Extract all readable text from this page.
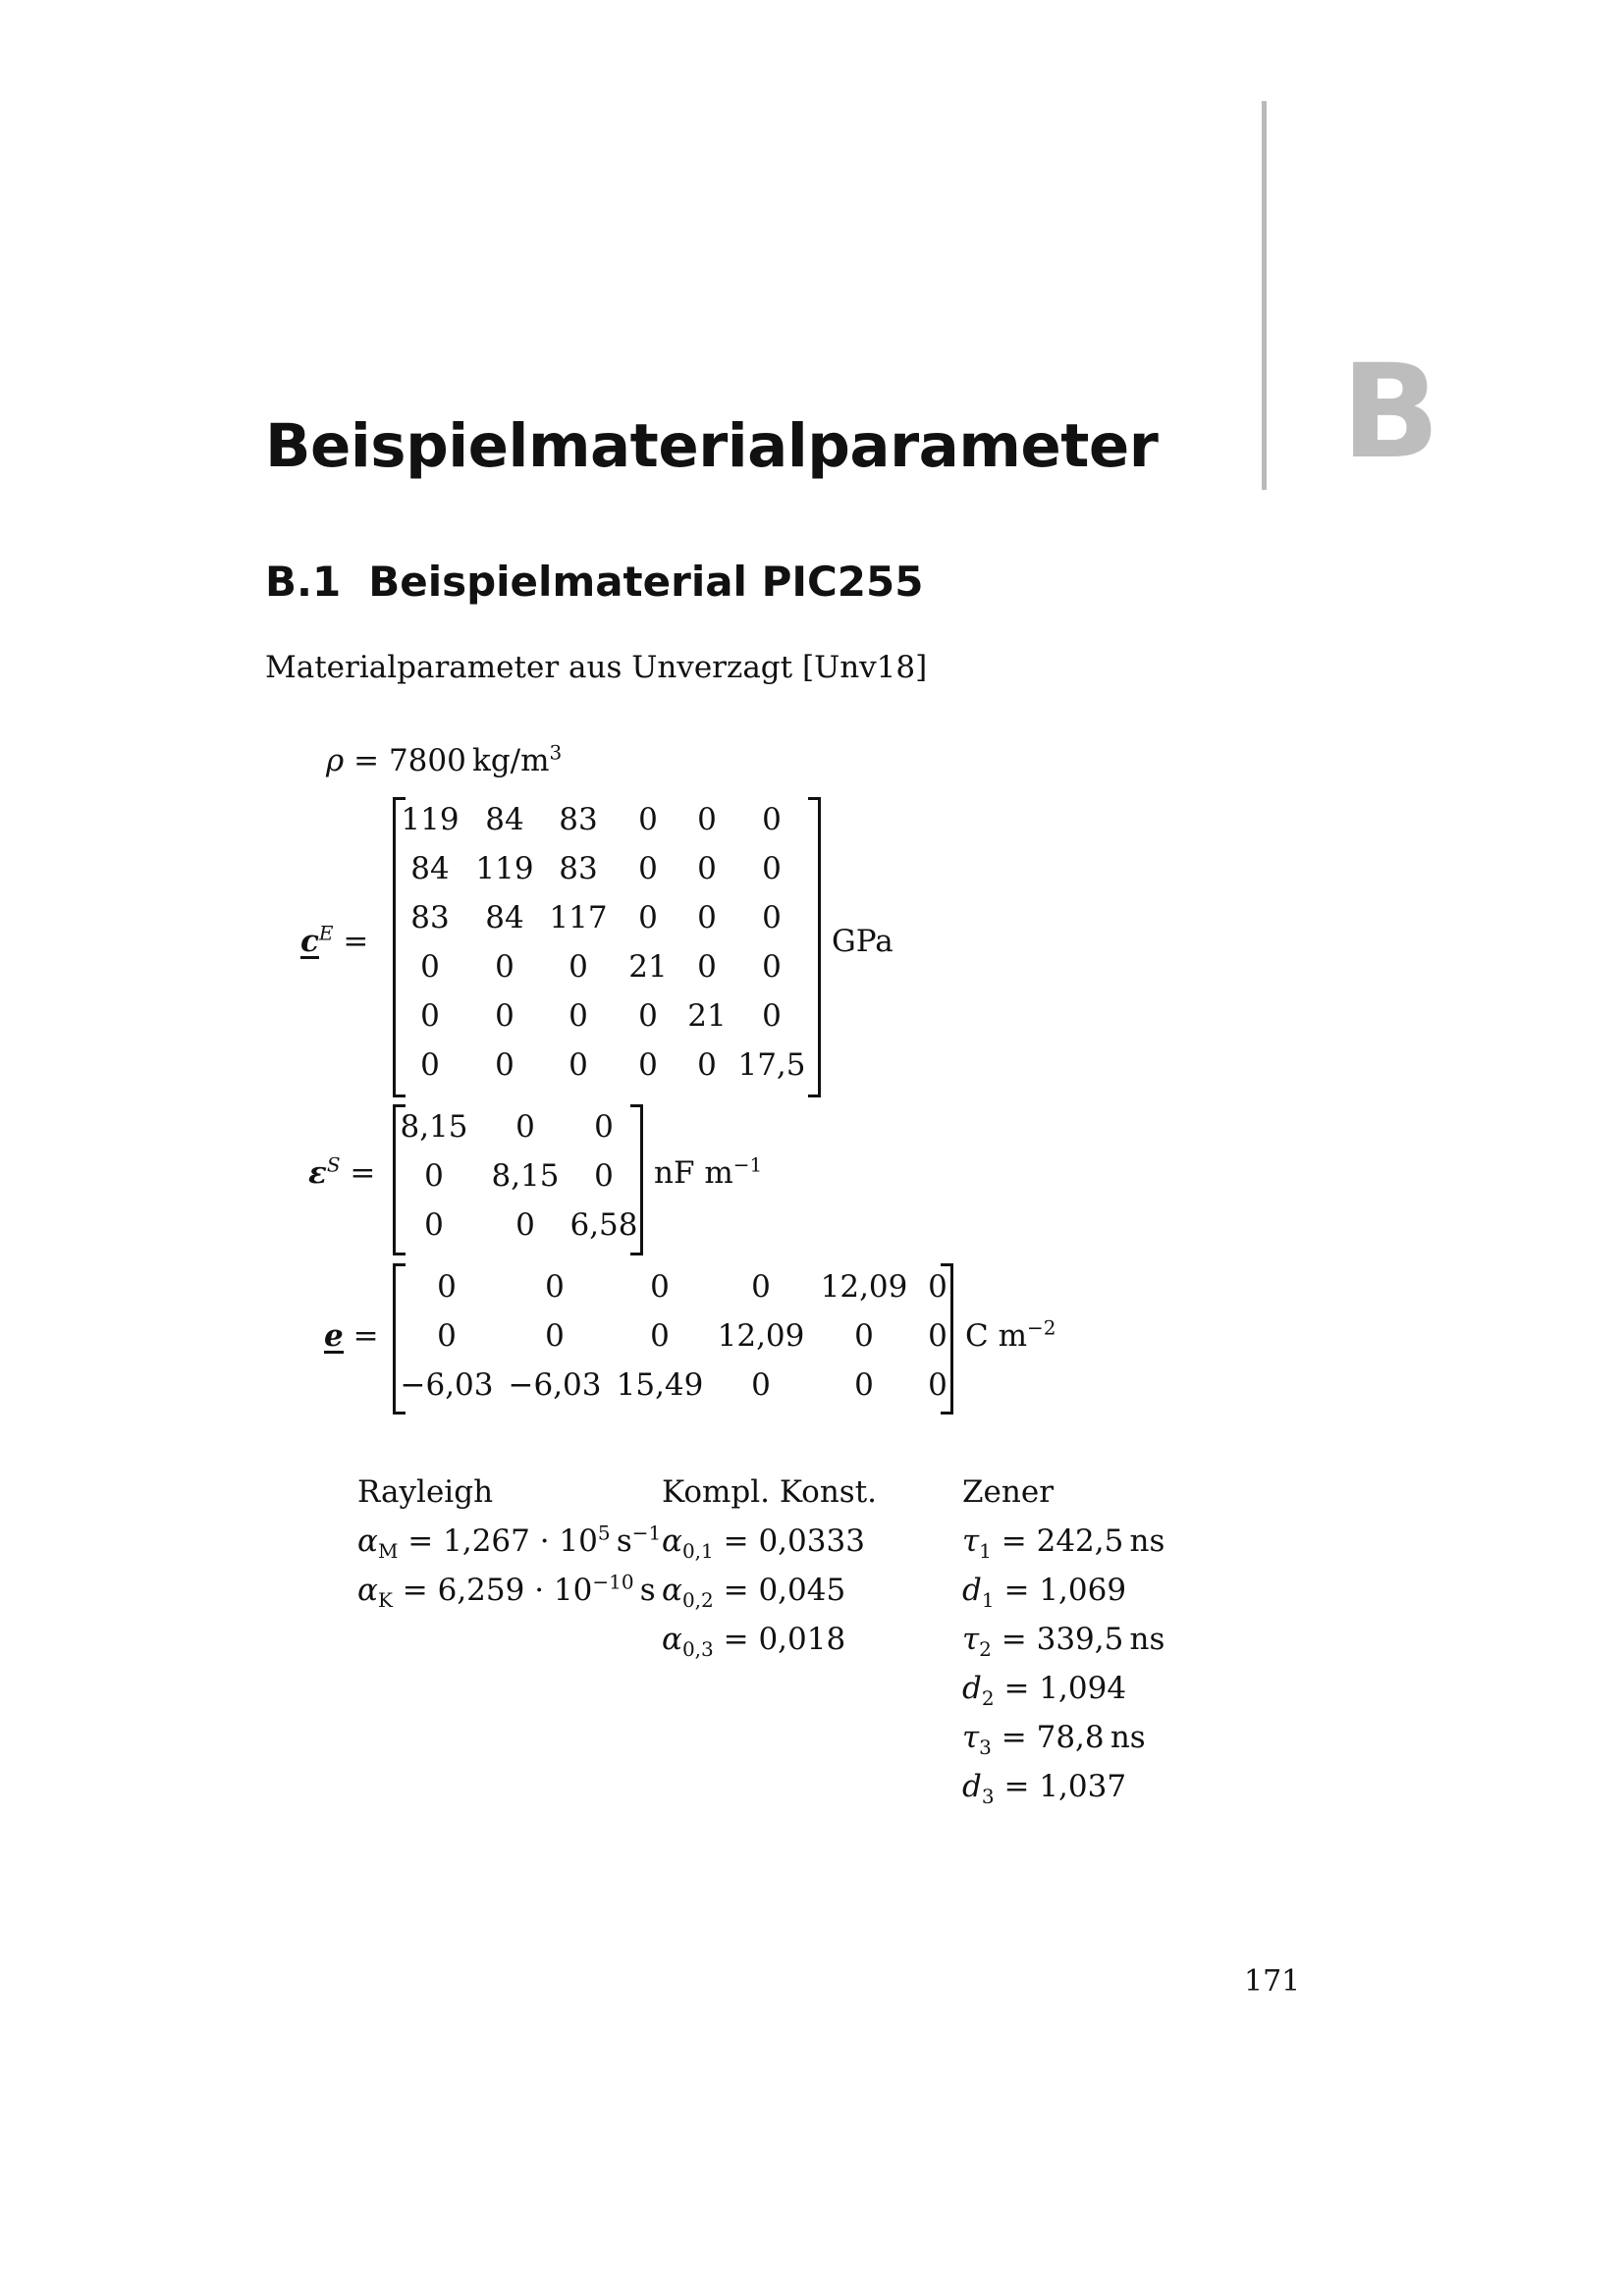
B
Beispielmaterialparameter
B.1 Beispielmaterial PIC255
Materialparameter aus Unverzagt [Unv18]
ρ = 7800  $kg/m^3$
$c^E$ =
119 84 83 0 0 0
84 119 83 0 0 0
83 84 117 0 0 0
0 0 0 21 0 0
0 0 0 0 21 0
0 0 0 0 0 17,5
GPa
$\varepsilon^S$ =
8,15 0 0
0 8,15 0
0 0 6,58
nF $m^{-1}$
e =
0	0	0	0 12,09 0
0	0	0 12,09 0 0
−6,03 −6,03 15,49 0	0 0
C $m^{-2}$
Rayleigh
$\alpha_M = 1,267 \cdot 10^5$  $s^{-1}$
$\alpha_K = 6,259 \cdot 10^{-10}$  s
Kompl. Konst.
$\alpha_{0,1} = 0,0333$
$\alpha_{0,2} = 0,045$
$\alpha_{0,3} = 0,018$
Zener
$\tau_1 = 242,5$  ns
$d_1 = 1,069$
$\tau_2 = 339,5$  ns
$d_2 = 1,094$
$\tau_3 = 78,8$  ns
$d_3 = 1,037$
171
